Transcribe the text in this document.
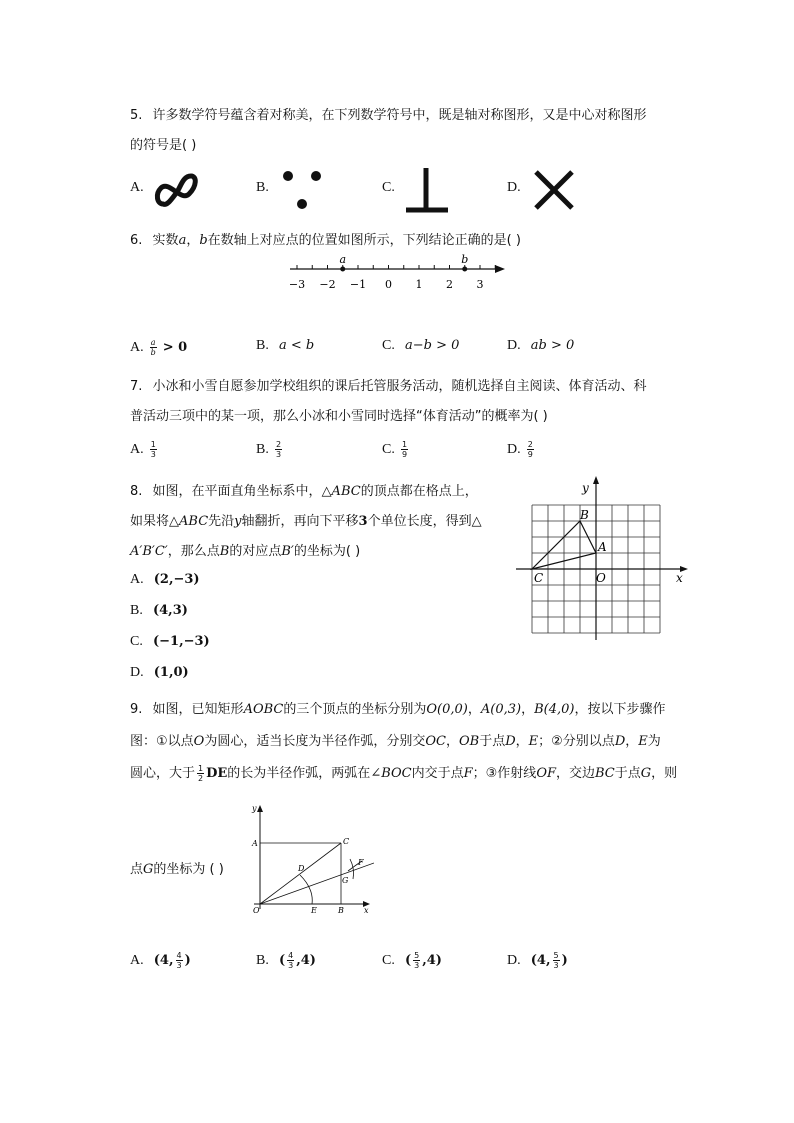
5. 许多数学符号蕴含着对称美，在下列数学符号中，既是轴对称图形，又是中心对称图形
的符号是( )
A.	B.	C.	D.
6. 实数a，b在数轴上对应点的位置如图所示，下列结论正确的是( )
−3 −2 −1 0 1 2 3
a	b
A. $\frac{a}{b} > 0$	B. a < b	C. a−b > 0	D. ab > 0
7. 小冰和小雪自愿参加学校组织的课后托管服务活动，随机选择自主阅读、体育活动、科
普活动三项中的某一项，那么小冰和小雪同时选择“体育活动”的概率为( )
A. $\frac{1}{3}$	B. $\frac{2}{3}$	C. $\frac{1}{9}$	D. $\frac{2}{9}$
8. 如图，在平面直角坐标系中，△ABC的顶点都在格点上，
如果将△ABC先沿y轴翻折，再向下平移3个单位长度，得到△
A′B′C′，那么点B的对应点B′的坐标为( )
A. (2,−3)
B. (4,3)
C. (−1,−3)
D. (1,0)
y
x
B
A
C	O
9. 如图，已知矩形AOBC的三个顶点的坐标分别为O(0,0)，A(0,3)，B(4,0)，按以下步骤作
图：①以点O为圆心，适当长度为半径作弧，分别交OC，OB于点D，E；②分别以点D，E为
圆心，大于 $\frac{1}{2}$ DE的长为半径作弧，两弧在∠BOC内交于点F；③作射线OF，交边BC于点G，则
点G的坐标为 ( )
y
x
A	C
D
F
G
O	E	B
A. (4, $\frac{4}{3}$ )	B. ( $\frac{4}{3} ,4$)	C. ( $\frac{5}{3} ,4$)	D. (4, $\frac{5}{3}$ )
